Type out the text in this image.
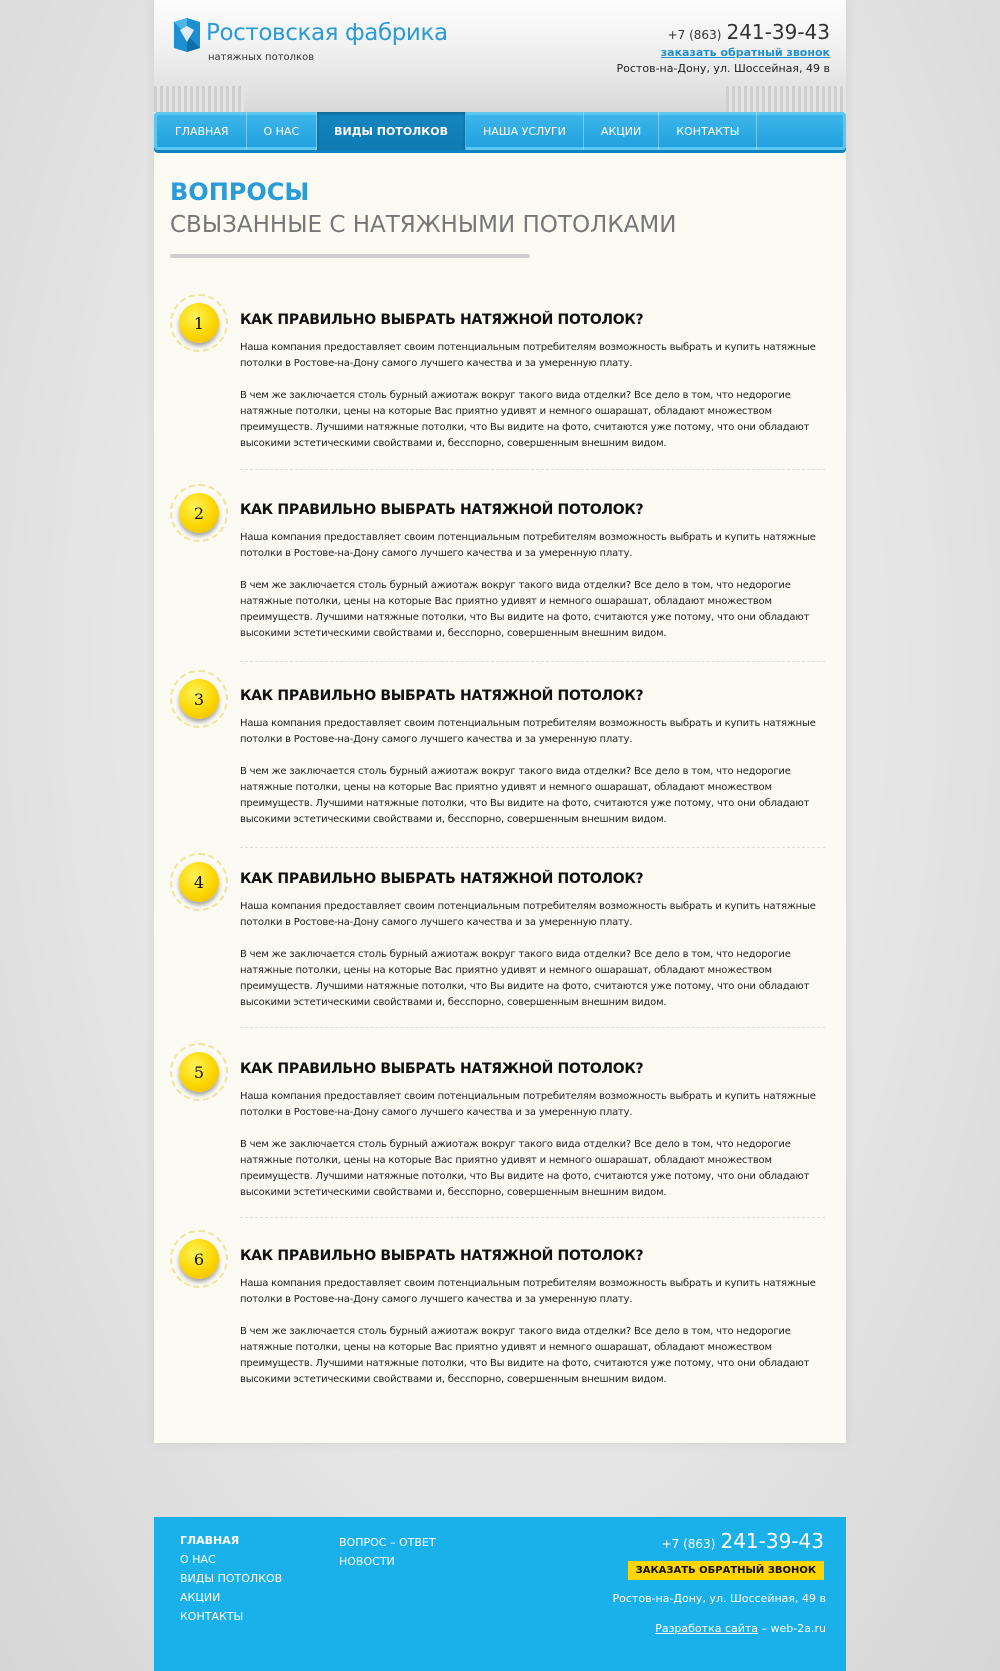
Ростовская фабрика
натяжных потолков
+7 (863) 241-39-43
заказать обратный звонок
Ростов-на-Дону, ул. Шоссейная, 49 в
ГЛАВНАЯ	О НАС	ВИДЫ ПОТОЛКОВ	НАША УСЛУГИ	АКЦИИ	КОНТАКТЫ
ВОПРОСЫ
СВЫЗАННЫЕ С НАТЯЖНЫМИ ПОТОЛКАМИ
1	КАК ПРАВИЛЬНО ВЫБРАТЬ НАТЯЖНОЙ ПОТОЛОК?

Наша компания предоставляет своим потенциальным потребителям возможность выбрать и купить натяжные потолки в Ростове-на-Дону самого лучшего качества и за умеренную плату.

В чем же заключается столь бурный ажиотаж вокруг такого вида отделки? Все дело в том, что недорогие натяжные потолки, цены на которые Вас приятно удивят и немного ошарашат, обладают множеством преимуществ. Лучшими натяжные потолки, что Вы видите на фото, считаются уже потому, что они обладают высокими эстетическими свойствами и, бесспорно, совершенным внешним видом.

2	КАК ПРАВИЛЬНО ВЫБРАТЬ НАТЯЖНОЙ ПОТОЛОК?

Наша компания предоставляет своим потенциальным потребителям возможность выбрать и купить натяжные потолки в Ростове-на-Дону самого лучшего качества и за умеренную плату.

В чем же заключается столь бурный ажиотаж вокруг такого вида отделки? Все дело в том, что недорогие натяжные потолки, цены на которые Вас приятно удивят и немного ошарашат, обладают множеством преимуществ. Лучшими натяжные потолки, что Вы видите на фото, считаются уже потому, что они обладают высокими эстетическими свойствами и, бесспорно, совершенным внешним видом.

3	КАК ПРАВИЛЬНО ВЫБРАТЬ НАТЯЖНОЙ ПОТОЛОК?

Наша компания предоставляет своим потенциальным потребителям возможность выбрать и купить натяжные потолки в Ростове-на-Дону самого лучшего качества и за умеренную плату.

В чем же заключается столь бурный ажиотаж вокруг такого вида отделки? Все дело в том, что недорогие натяжные потолки, цены на которые Вас приятно удивят и немного ошарашат, обладают множеством преимуществ. Лучшими натяжные потолки, что Вы видите на фото, считаются уже потому, что они обладают высокими эстетическими свойствами и, бесспорно, совершенным внешним видом.

4	КАК ПРАВИЛЬНО ВЫБРАТЬ НАТЯЖНОЙ ПОТОЛОК?

Наша компания предоставляет своим потенциальным потребителям возможность выбрать и купить натяжные потолки в Ростове-на-Дону самого лучшего качества и за умеренную плату.

В чем же заключается столь бурный ажиотаж вокруг такого вида отделки? Все дело в том, что недорогие натяжные потолки, цены на которые Вас приятно удивят и немного ошарашат, обладают множеством преимуществ. Лучшими натяжные потолки, что Вы видите на фото, считаются уже потому, что они обладают высокими эстетическими свойствами и, бесспорно, совершенным внешним видом.

5	КАК ПРАВИЛЬНО ВЫБРАТЬ НАТЯЖНОЙ ПОТОЛОК?

Наша компания предоставляет своим потенциальным потребителям возможность выбрать и купить натяжные потолки в Ростове-на-Дону самого лучшего качества и за умеренную плату.

В чем же заключается столь бурный ажиотаж вокруг такого вида отделки? Все дело в том, что недорогие натяжные потолки, цены на которые Вас приятно удивят и немного ошарашат, обладают множеством преимуществ. Лучшими натяжные потолки, что Вы видите на фото, считаются уже потому, что они обладают высокими эстетическими свойствами и, бесспорно, совершенным внешним видом.

6	КАК ПРАВИЛЬНО ВЫБРАТЬ НАТЯЖНОЙ ПОТОЛОК?

Наша компания предоставляет своим потенциальным потребителям возможность выбрать и купить натяжные потолки в Ростове-на-Дону самого лучшего качества и за умеренную плату.

В чем же заключается столь бурный ажиотаж вокруг такого вида отделки? Все дело в том, что недорогие натяжные потолки, цены на которые Вас приятно удивят и немного ошарашат, обладают множеством преимуществ. Лучшими натяжные потолки, что Вы видите на фото, считаются уже потому, что они обладают высокими эстетическими свойствами и, бесспорно, совершенным внешним видом.

ГЛАВНАЯ
О НАС
ВИДЫ ПОТОЛКОВ
АКЦИИ
КОНТАКТЫ
ВОПРОС – ОТВЕТ
НОВОСТИ
+7 (863) 241-39-43
ЗАКАЗАТЬ ОБРАТНЫЙ ЗВОНОК
Ростов-на-Дону, ул. Шоссейная, 49 в
Разработка сайта – web-2a.ru
